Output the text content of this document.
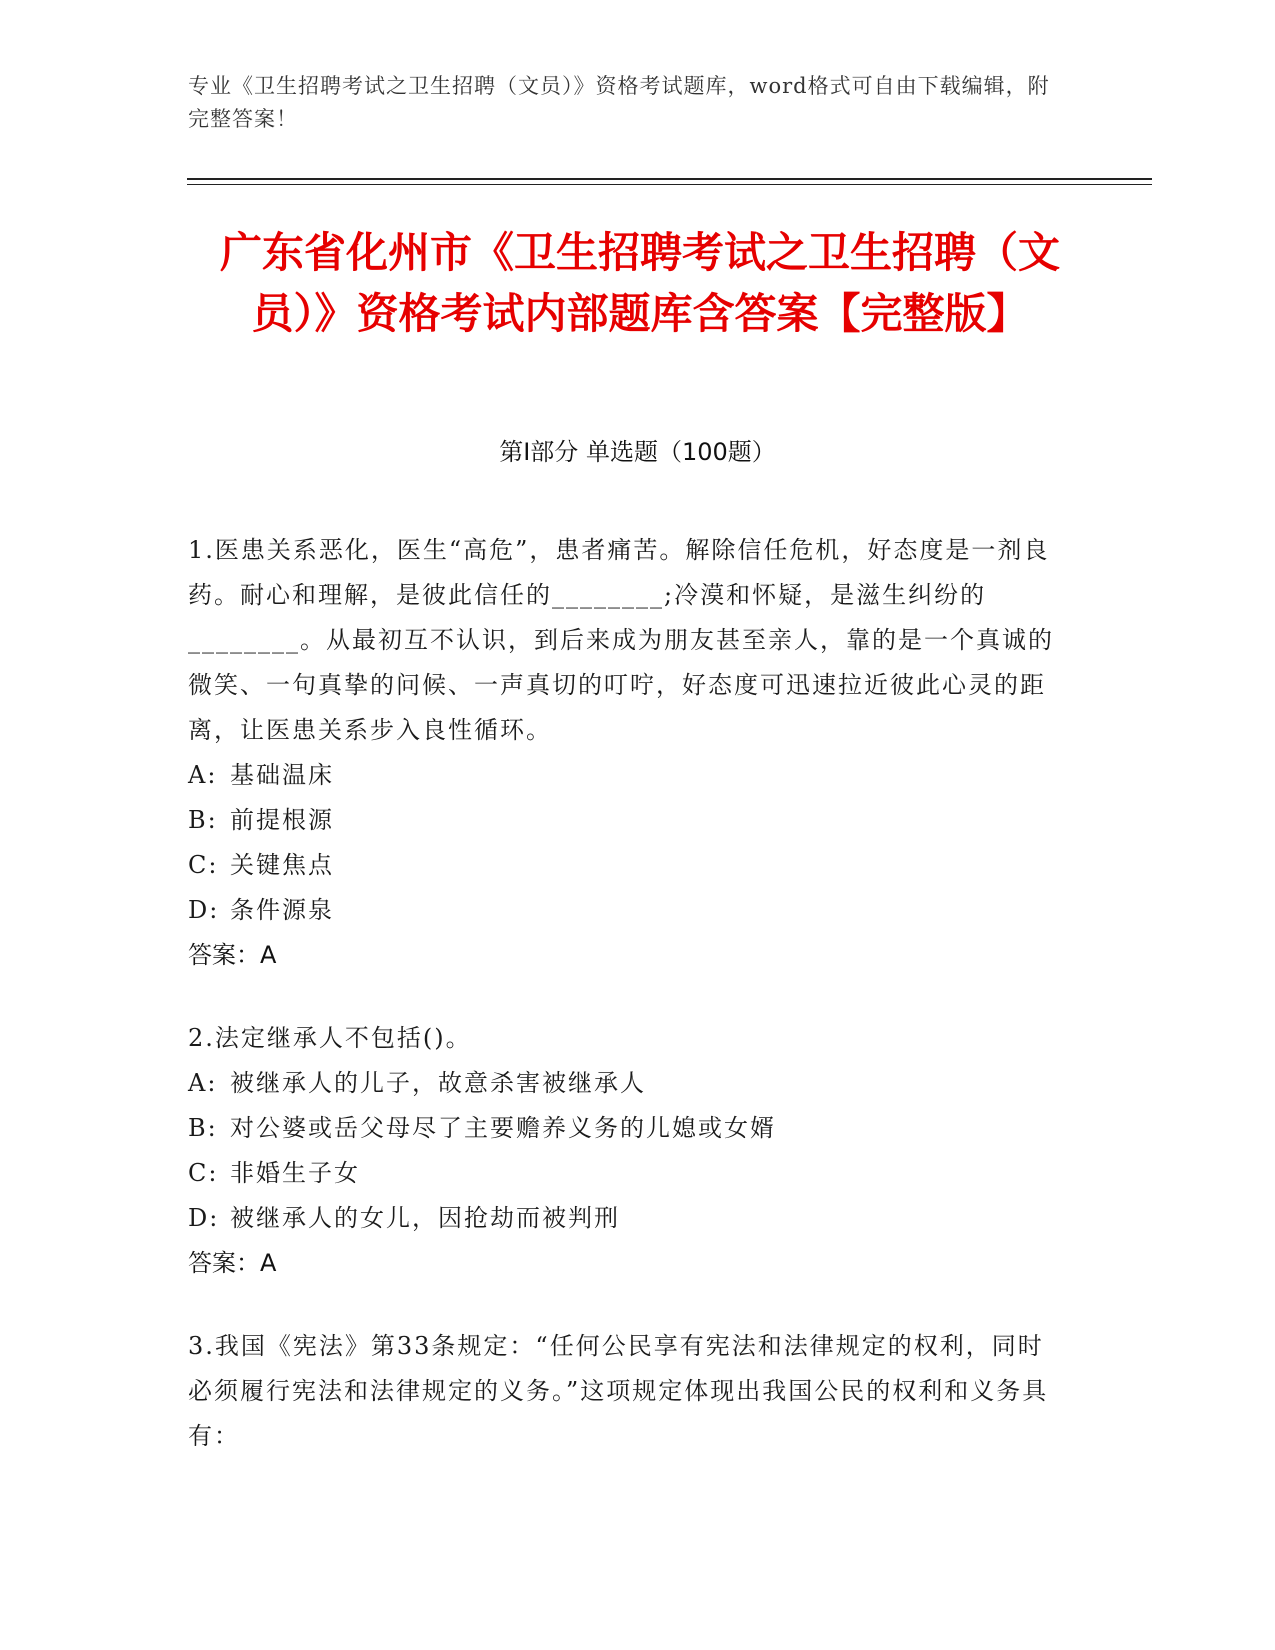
专业《卫生招聘考试之卫生招聘（文员）》资格考试题库，word格式可自由下载编辑，附完整答案！
广东省化州市《卫生招聘考试之卫生招聘（文员）》资格考试内部题库含答案【完整版】
第Ⅰ部分 单选题（100题）
1.医患关系恶化，医生“高危”，患者痛苦。解除信任危机，好态度是一剂良药。耐心和理解，是彼此信任的________;冷漠和怀疑，是滋生纠纷的________。从最初互不认识，到后来成为朋友甚至亲人，靠的是一个真诚的微笑、一句真挚的问候、一声真切的叮咛，好态度可迅速拉近彼此心灵的距离，让医患关系步入良性循环。
A: 基础温床
B: 前提根源
C: 关键焦点
D: 条件源泉
答案：A
2.法定继承人不包括()。
A: 被继承人的儿子，故意杀害被继承人
B: 对公婆或岳父母尽了主要赡养义务的儿媳或女婿
C: 非婚生子女
D: 被继承人的女儿，因抢劫而被判刑
答案：A
3.我国《宪法》第33条规定：“任何公民享有宪法和法律规定的权利，同时必须履行宪法和法律规定的义务。”这项规定体现出我国公民的权利和义务具有：
